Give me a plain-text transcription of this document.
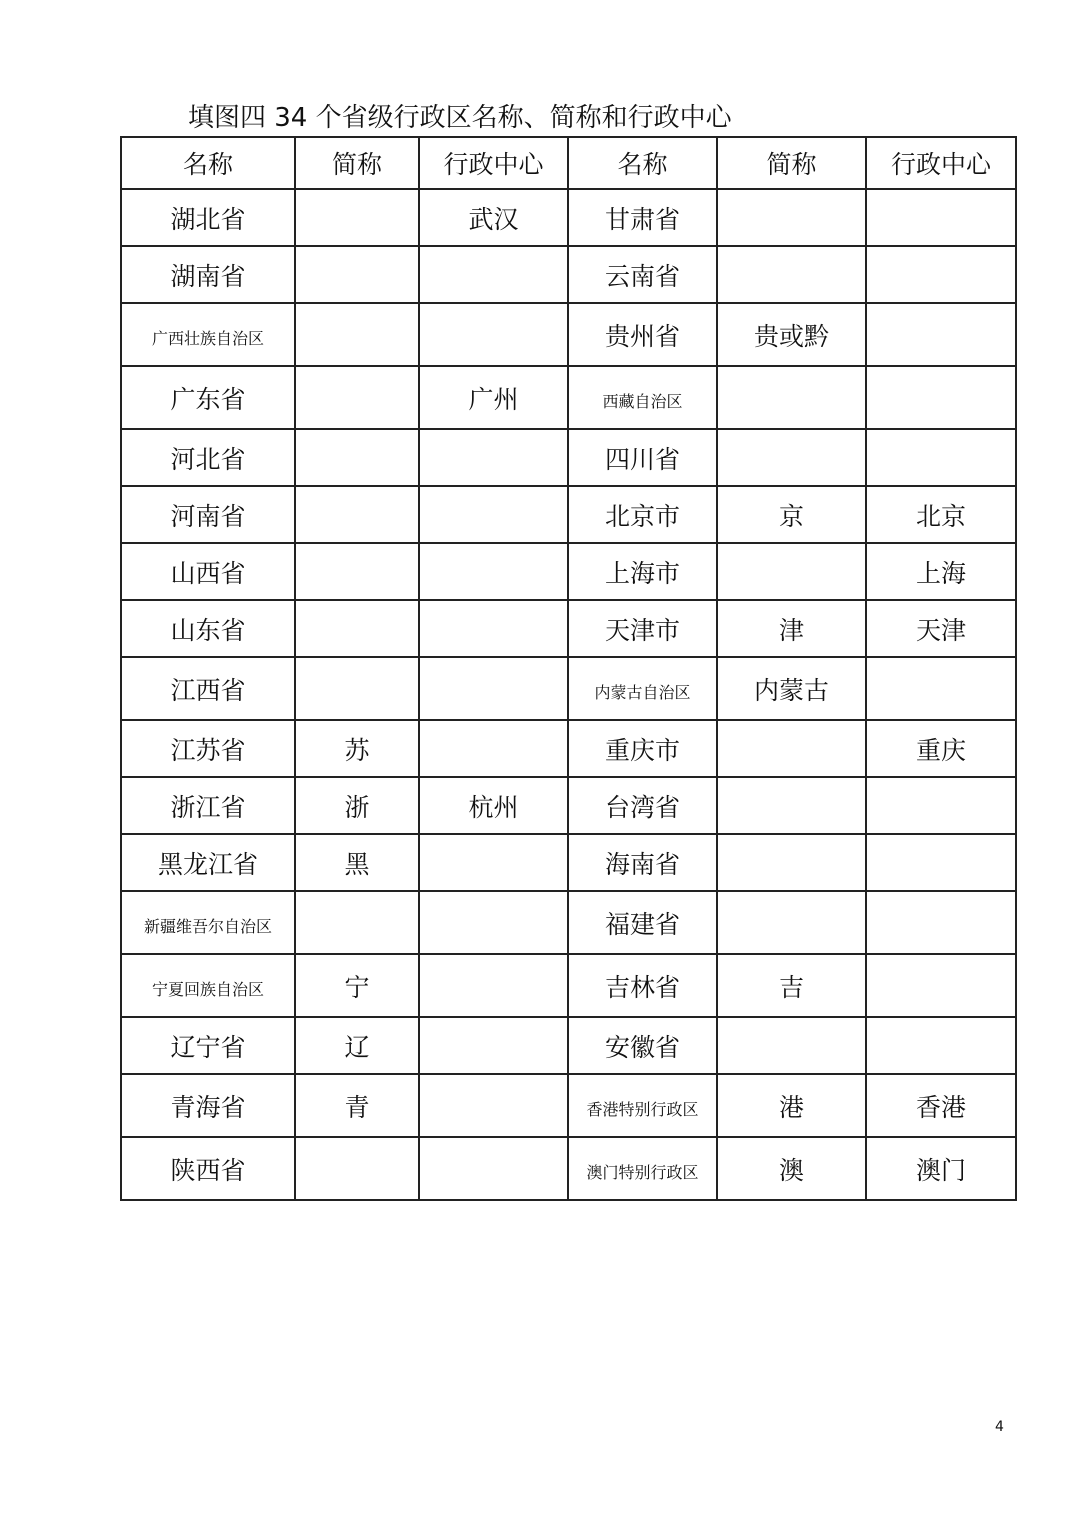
填图四 34 个省级行政区名称、简称和行政中心
名称	简称	行政中心	名称	简称	行政中心
湖北省		武汉	甘肃省		
湖南省			云南省		
广西壮族自治区			贵州省	贵或黔	
广东省		广州	西藏自治区		
河北省			四川省		
河南省			北京市	京	北京
山西省			上海市		上海
山东省			天津市	津	天津
江西省			内蒙古自治区	内蒙古	
江苏省	苏		重庆市		重庆
浙江省	浙	杭州	台湾省		
黑龙江省	黑		海南省		
新疆维吾尔自治区			福建省		
宁夏回族自治区	宁		吉林省	吉	
辽宁省	辽		安徽省		
青海省	青		香港特别行政区	港	香港
陕西省			澳门特别行政区	澳	澳门
4
